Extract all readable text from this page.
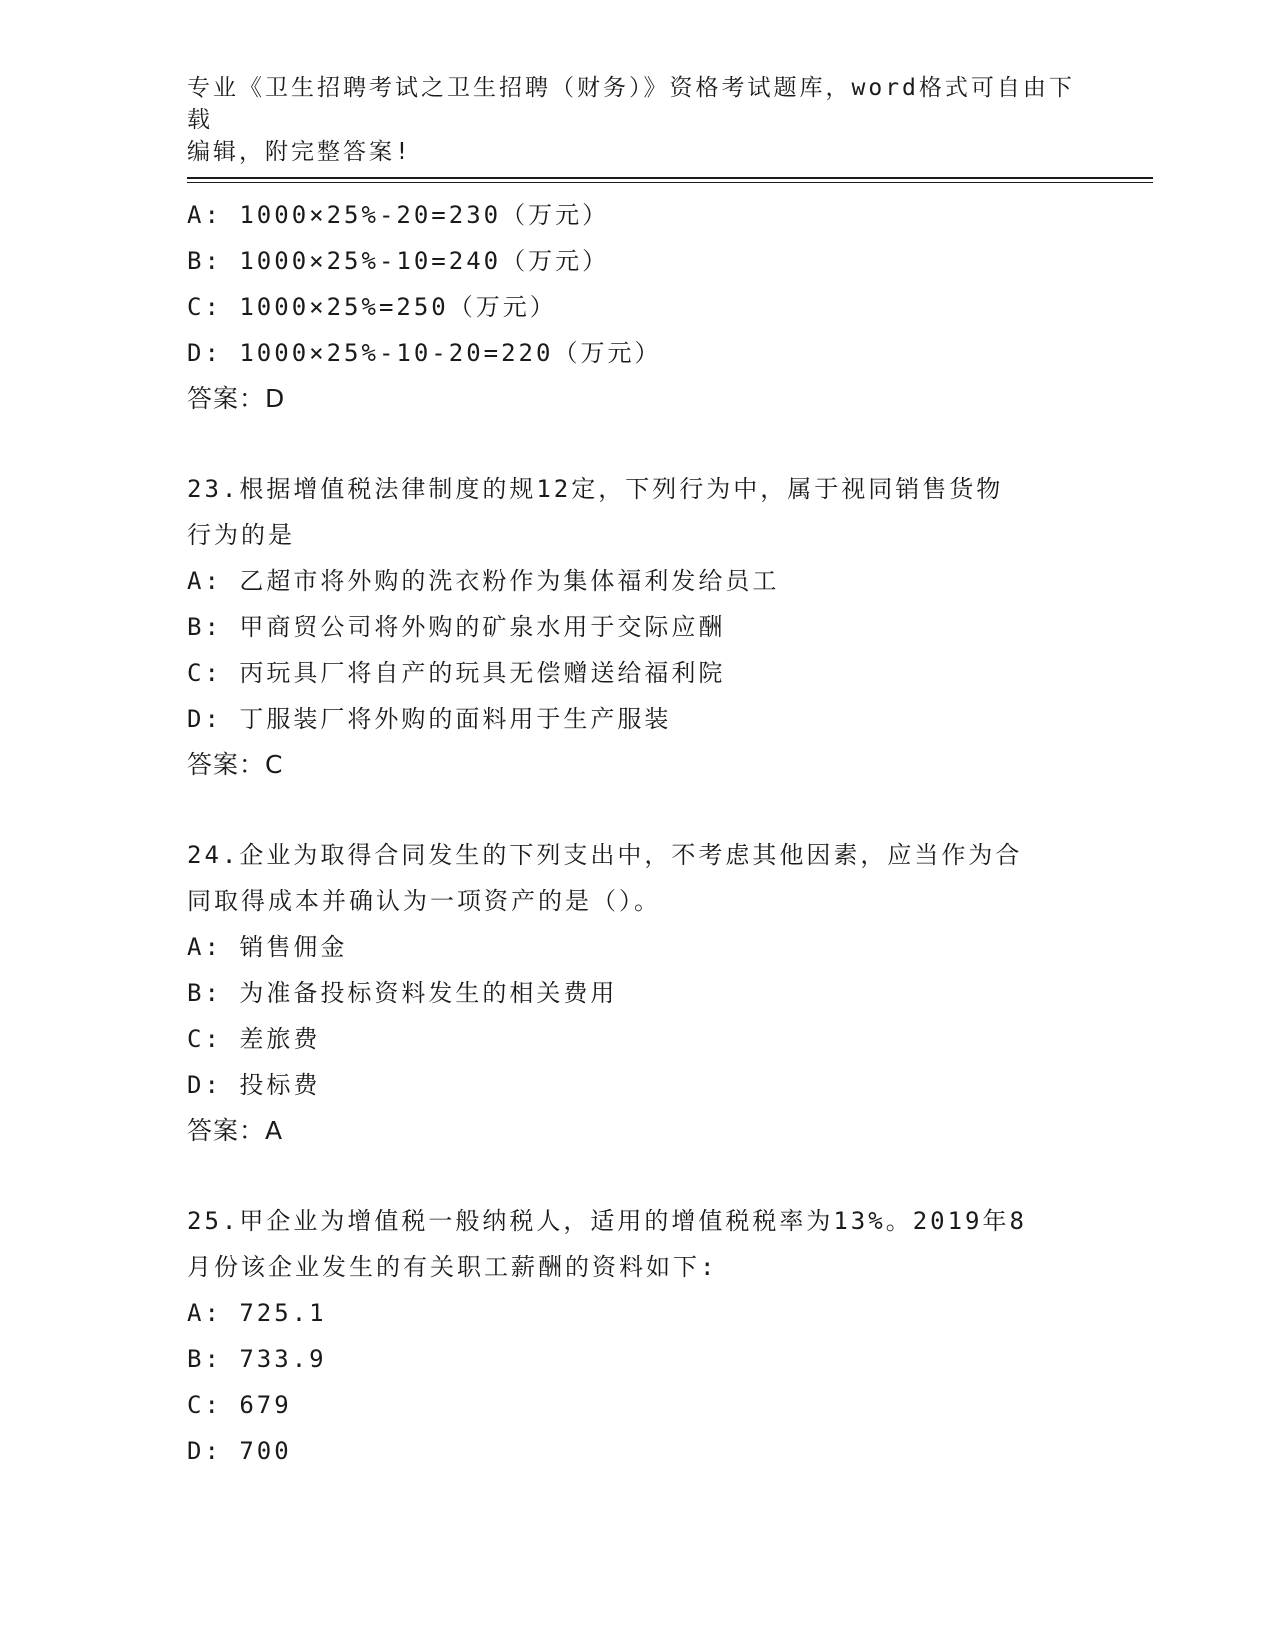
专业《卫生招聘考试之卫生招聘（财务）》资格考试题库，word格式可自由下载
编辑，附完整答案!
A: 1000×25%-20=230（万元）
B: 1000×25%-10=240（万元）
C: 1000×25%=250（万元）
D: 1000×25%-10-20=220（万元）
答案：D
23.根据增值税法律制度的规12定，下列行为中，属于视同销售货物
行为的是
A: 乙超市将外购的洗衣粉作为集体福利发给员工
B: 甲商贸公司将外购的矿泉水用于交际应酬
C: 丙玩具厂将自产的玩具无偿赠送给福利院
D: 丁服装厂将外购的面料用于生产服装
答案：C
24.企业为取得合同发生的下列支出中，不考虑其他因素，应当作为合
同取得成本并确认为一项资产的是（）。
A: 销售佣金
B: 为准备投标资料发生的相关费用
C: 差旅费
D: 投标费
答案：A
25.甲企业为增值税一般纳税人，适用的增值税税率为13%。2019年8
月份该企业发生的有关职工薪酬的资料如下:
A: 725.1
B: 733.9
C: 679
D: 700
